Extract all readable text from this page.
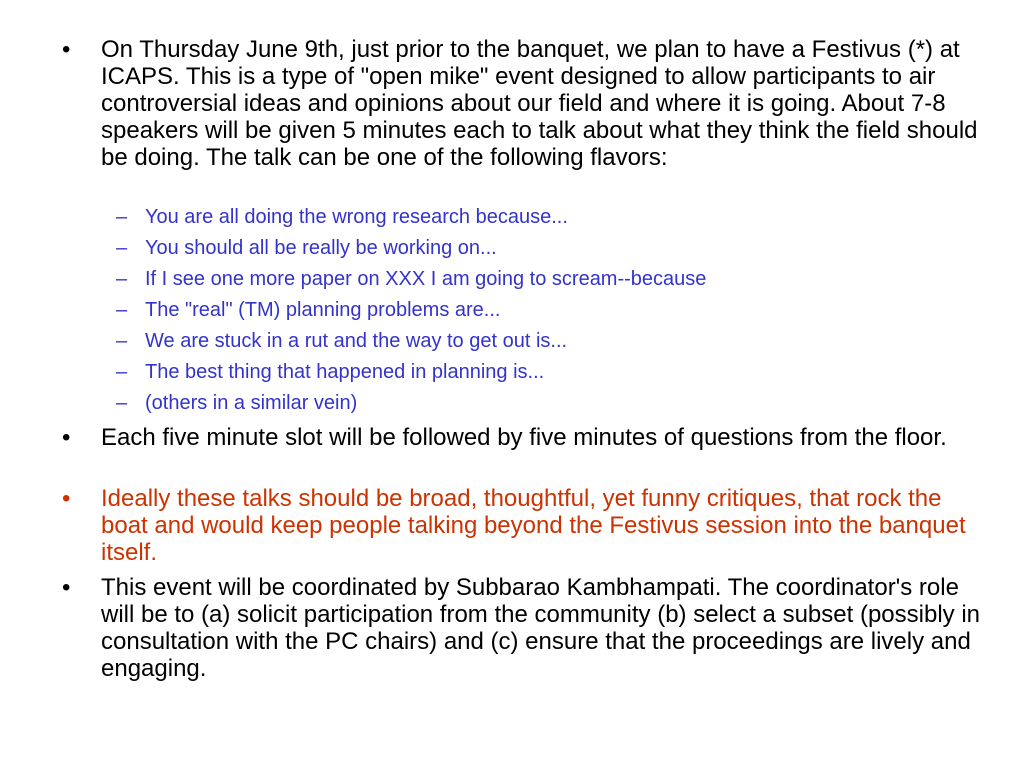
• On Thursday June 9th, just prior to the banquet, we plan to have a Festivus (*) at ICAPS. This is a type of "open mike" event designed to allow participants to air controversial ideas and opinions about our field and where it is going. About 7-8 speakers will be given 5 minutes each to talk about what they think the field should be doing. The talk can be one of the following flavors:
– You are all doing the wrong research because...
– You should all be really be working on...
– If I see one more paper on XXX I am going to scream--because
– The "real" (TM) planning problems are...
– We are stuck in a rut and the way to get out is...
– The best thing that happened in planning is...
– (others in a similar vein)
• Each five minute slot will be followed by five minutes of questions from the floor.
• Ideally these talks should be broad, thoughtful, yet funny critiques, that rock the boat and would keep people talking beyond the Festivus session into the banquet itself.
• This event will be coordinated by Subbarao Kambhampati. The coordinator's role will be to (a) solicit participation from the community (b) select a subset (possibly in consultation with the PC chairs) and (c) ensure that the proceedings are lively and engaging.
